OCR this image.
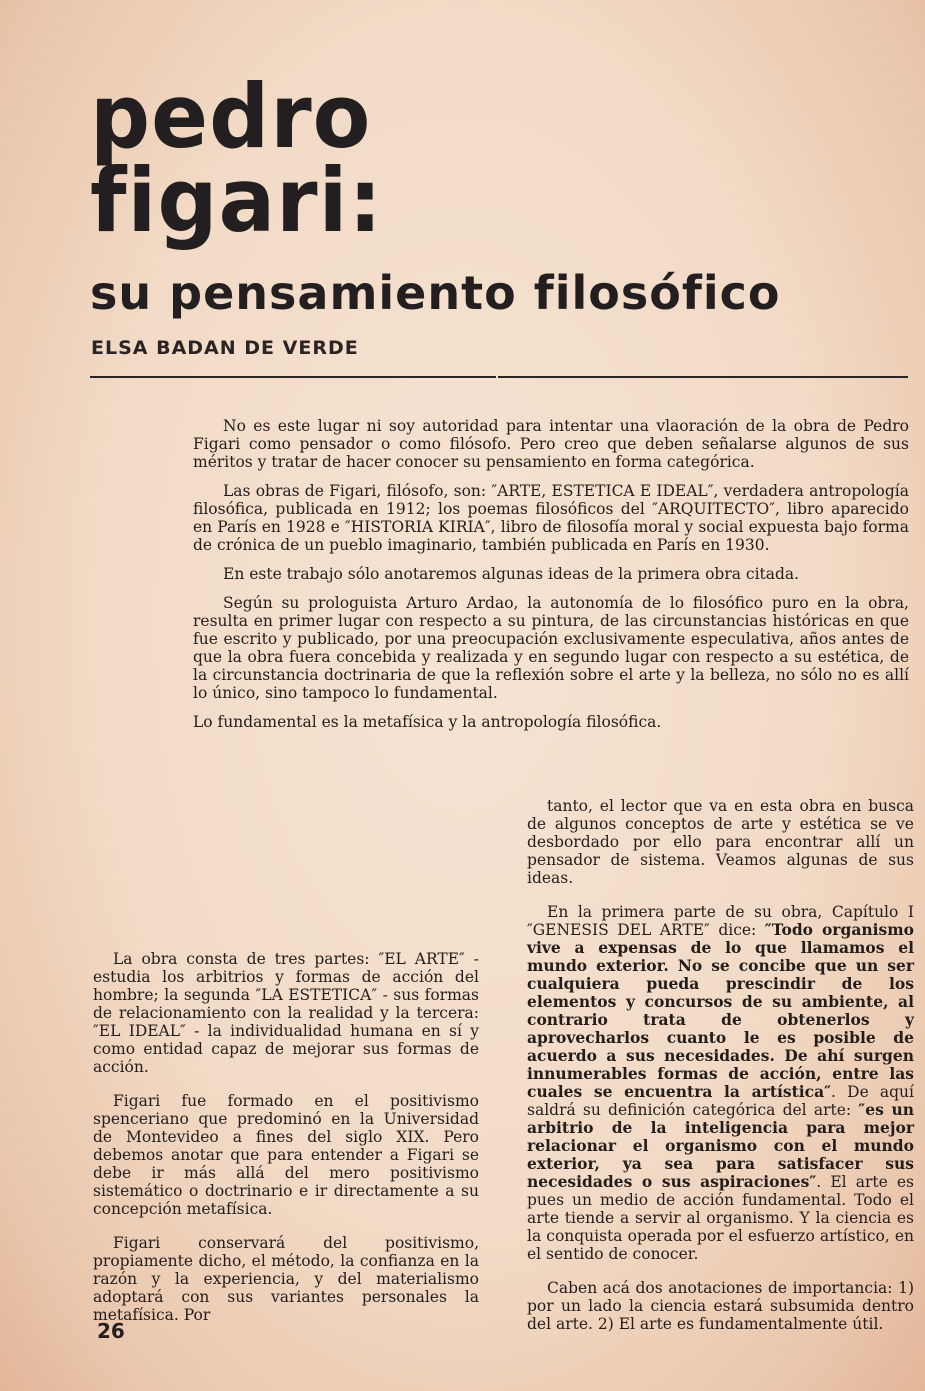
pedro
figari:
su pensamiento filosófico

ELSA BADAN DE VERDE

No es este lugar ni soy autoridad para intentar una vlaoración de la obra de Pedro Figari como pensador o como filósofo. Pero creo que deben señalarse algunos de sus méritos y tratar de hacer conocer su pensamiento en forma categórica.

Las obras de Figari, filósofo, son: ″ARTE, ESTETICA E IDEAL″, verdadera antropología filosófica, publicada en 1912; los poemas filosóficos del ″ARQUITECTO″, libro aparecido en París en 1928 e ″HISTORIA KIRIA″, libro de filosofía moral y social expuesta bajo forma de crónica de un pueblo imaginario, también publicada en París en 1930.

En este trabajo sólo anotaremos algunas ideas de la primera obra citada.

Según su prologuista Arturo Ardao, la autonomía de lo filosófico puro en la obra, resulta en primer lugar con respecto a su pintura, de las circunstancias históricas en que fue escrito y publicado, por una preocupación exclusivamente especulativa, años antes de que la obra fuera concebida y realizada y en segundo lugar con respecto a su estética, de la circunstancia doctrinaria de que la reflexión sobre el arte y la belleza, no sólo no es allí lo único, sino tampoco lo fundamental.

Lo fundamental es la metafísica y la antropología filosófica.

La obra consta de tres partes: ″EL ARTE″ - estudia los arbitrios y formas de acción del hombre; la segunda ″LA ESTETICA″ - sus formas de relacionamiento con la realidad y la tercera: ″EL IDEAL″ - la individualidad humana en sí y como entidad capaz de mejorar sus formas de acción.

Figari fue formado en el positivismo spenceriano que predominó en la Universidad de Montevideo a fines del siglo XIX. Pero debemos anotar que para entender a Figari se debe ir más allá del mero positivismo sistemático o doctrinario e ir directamente a su concepción metafísica.

Figari conservará del positivismo, propiamente dicho, el método, la confianza en la razón y la experiencia, y del materialismo adoptará con sus variantes personales la metafísica. Por

tanto, el lector que va en esta obra en busca de algunos conceptos de arte y estética se ve desbordado por ello para encontrar allí un pensador de sistema. Veamos algunas de sus ideas.

En la primera parte de su obra, Capítulo I ″GENESIS DEL ARTE″ dice: ″Todo organismo vive a expensas de lo que llamamos el mundo exterior. No se concibe que un ser cualquiera pueda prescindir de los elementos y concursos de su ambiente, al contrario trata de obtenerlos y aprovecharlos cuanto le es posible de acuerdo a sus necesidades. De ahí surgen innumerables formas de acción, entre las cuales se encuentra la artística″. De aquí saldrá su definición categórica del arte: ″es un arbitrio de la inteligencia para mejor relacionar el organismo con el mundo exterior, ya sea para satisfacer sus necesidades o sus aspiraciones″. El arte es pues un medio de acción fundamental. Todo el arte tiende a servir al organismo. Y la ciencia es la conquista operada por el esfuerzo artístico, en el sentido de conocer.

Caben acá dos anotaciones de importancia: 1) por un lado la ciencia estará subsumida dentro del arte. 2) El arte es fundamentalmente útil.

26
